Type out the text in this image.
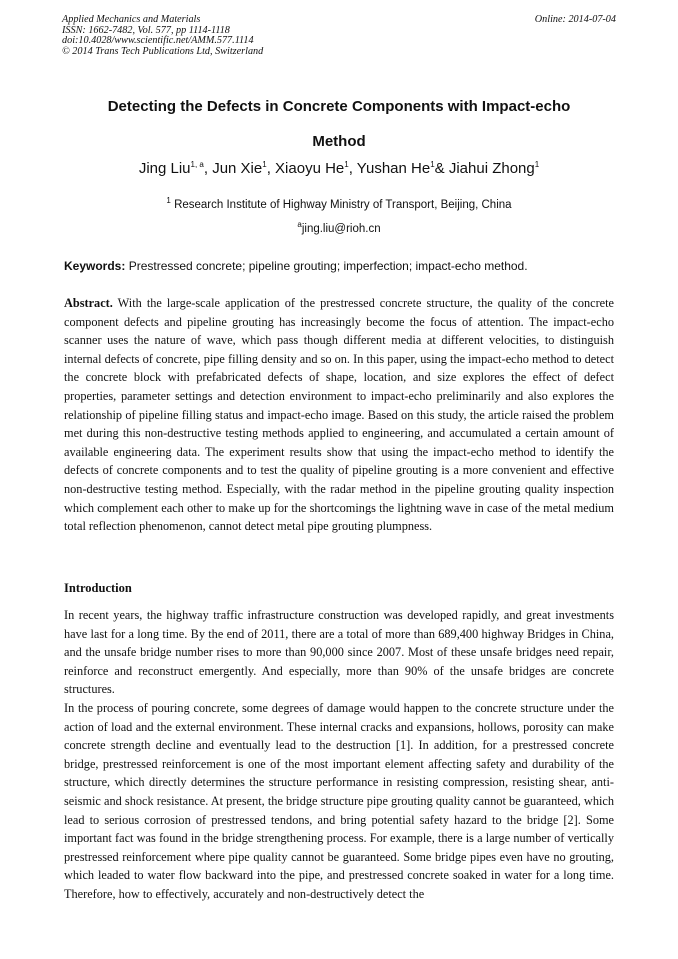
Applied Mechanics and Materials
ISSN: 1662-7482, Vol. 577, pp 1114-1118
doi:10.4028/www.scientific.net/AMM.577.1114
© 2014 Trans Tech Publications Ltd, Switzerland
Online: 2014-07-04
Detecting the Defects in Concrete Components with Impact-echo
Method
Jing Liu$^{1, a}$, Jun Xie$^1$, Xiaoyu He$^1$, Yushan He$^1$& Jiahui Zhong$^1$
$^1$ Research Institute of Highway Ministry of Transport, Beijing, China
$^a$jing.liu@rioh.cn
Keywords: Prestressed concrete; pipeline grouting; imperfection; impact-echo method.
Abstract. With the large-scale application of the prestressed concrete structure, the quality of the concrete component defects and pipeline grouting has increasingly become the focus of attention. The impact-echo scanner uses the nature of wave, which pass though different media at different velocities, to distinguish internal defects of concrete, pipe filling density and so on. In this paper, using the impact-echo method to detect the concrete block with prefabricated defects of shape, location, and size explores the effect of defect properties, parameter settings and detection environment to impact-echo preliminarily and also explores the relationship of pipeline filling status and impact-echo image. Based on this study, the article raised the problem met during this non-destructive testing methods applied to engineering, and accumulated a certain amount of available engineering data. The experiment results show that using the impact-echo method to identify the defects of concrete components and to test the quality of pipeline grouting is a more convenient and effective non-destructive testing method. Especially, with the radar method in the pipeline grouting quality inspection which complement each other to make up for the shortcomings the lightning wave in case of the metal medium total reflection phenomenon, cannot detect metal pipe grouting plumpness.
Introduction

In recent years, the highway traffic infrastructure construction was developed rapidly, and great investments have last for a long time. By the end of 2011, there are a total of more than 689,400 highway Bridges in China, and the unsafe bridge number rises to more than 90,000 since 2007. Most of these unsafe bridges need repair, reinforce and reconstruct emergently. And especially, more than 90% of the unsafe bridges are concrete structures.

In the process of pouring concrete, some degrees of damage would happen to the concrete structure under the action of load and the external environment. These internal cracks and expansions, hollows, porosity can make concrete strength decline and eventually lead to the destruction [1]. In addition, for a prestressed concrete bridge, prestressed reinforcement is one of the most important element affecting safety and durability of the structure, which directly determines the structure performance in resisting compression, resisting shear, anti-seismic and shock resistance. At present, the bridge structure pipe grouting quality cannot be guaranteed, which lead to serious corrosion of prestressed tendons, and bring potential safety hazard to the bridge [2]. Some important fact was found in the bridge strengthening process. For example, there is a large number of vertically prestressed reinforcement where pipe quality cannot be guaranteed. Some bridge pipes even have no grouting, which leaded to water flow backward into the pipe, and prestressed concrete soaked in water for a long time. Therefore, how to effectively, accurately and non-destructively detect the
